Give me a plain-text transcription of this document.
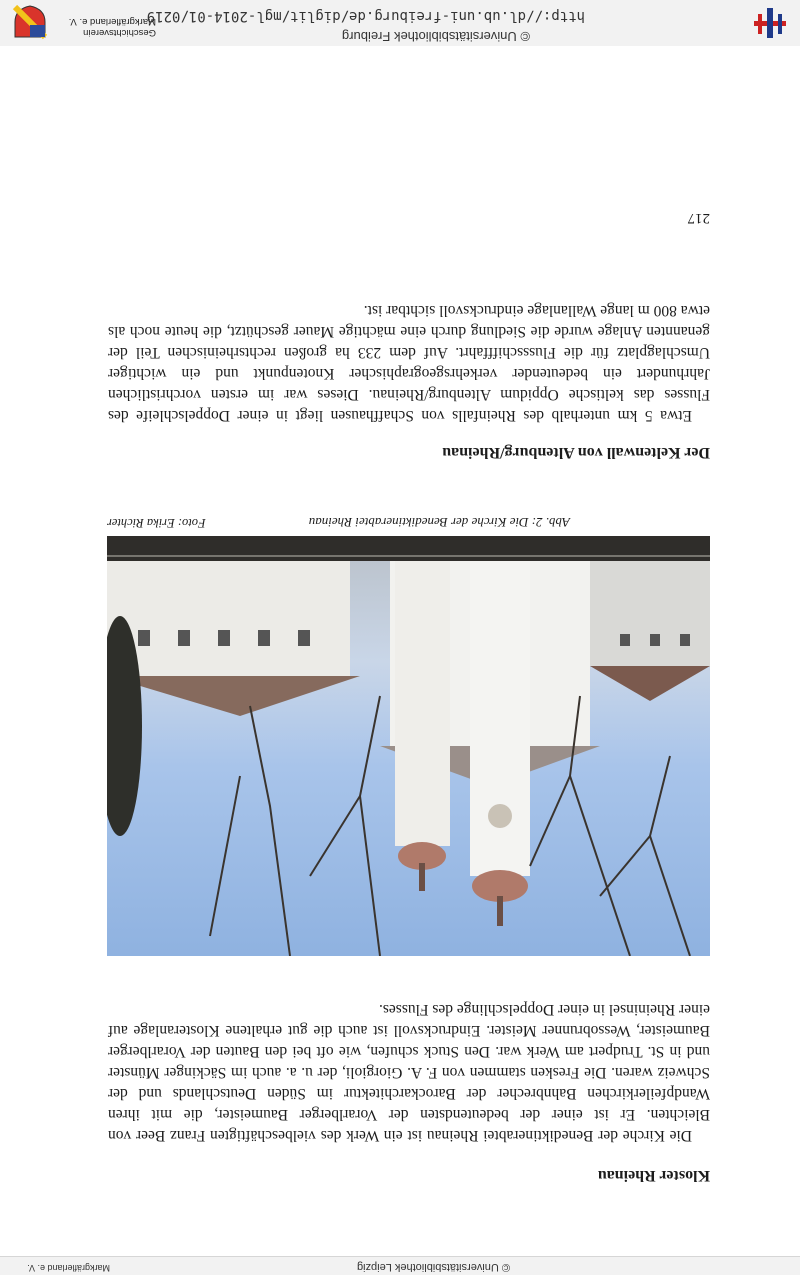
© Universitätsbibliothek Freiburg
http://dl.ub.uni-freiburg.de/diglit/mgl-2014-01/0219
Geschichtsverein
Markgräflerland e. V.
Kloster Rheinau

Die Kirche der Benediktinerabtei Rheinau ist ein Werk des vielbeschäftigten Franz Beer von Bleichten. Er ist einer der bedeutendsten der Vorarlberger Baumeister, die mit ihren Wandpfeilerkirchen Bahnbrecher der Barockarchitektur im Süden Deutschlands und der Schweiz waren. Die Fresken stammen von F. A. Giorgioli, der u. a. auch im Säckinger Münster und in St. Trudpert am Werk war. Den Stuck schufen, wie oft bei den Bauten der Vorarlberger Baumeister, Wessobrunner Meister. Eindrucksvoll ist auch die gut erhaltene Klosteranlage auf einer Rheininsel in einer Doppelschlinge des Flusses.

Abb. 2: Die Kirche der Benediktinerabtei Rheinau
Foto: Erika Richter
Der Keltenwall von Altenburg/Rheinau

Etwa 5 km unterhalb des Rheinfalls von Schaffhausen liegt in einer Doppelschleife des Flusses das keltische Oppidum Altenburg/Rheinau. Dieses war im ersten vorchristlichen Jahrhundert ein bedeutender verkehrsgeographischer Knotenpunkt und ein wichtiger Umschlagplatz für die Flussschifffahrt. Auf dem 233 ha großen rechtsrheinischen Teil der genannten Anlage wurde die Siedlung durch eine mächtige Mauer geschützt, die heute noch als etwa 800 m lange Wallanlage eindrucksvoll sichtbar ist.

217
© Universitätsbibliothek Leipzig
Markgräflerland e. V.
